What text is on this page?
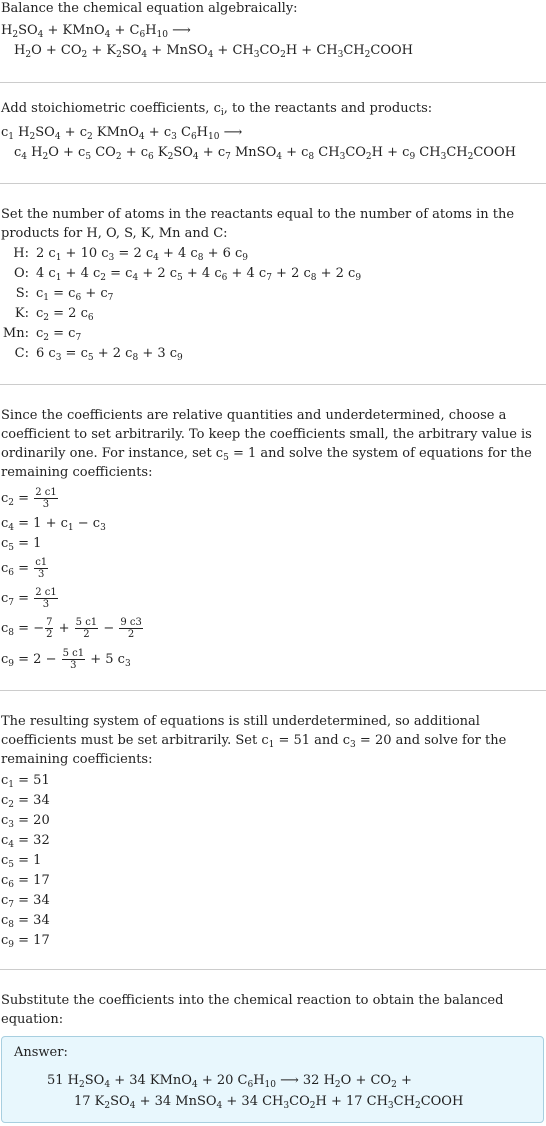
Balance the chemical equation algebraically:
$H_2SO_4$ + KMnO$_4$ + $C_6H_{10}$ ⟶
$H_2O + CO_2 + K_2SO_4$ + MnSO$_4$ + $CH_3CO_2H$ + $CH_3CH_2COOH$
Add stoichiometric coefficients, $c_i$, to the reactants and products:
$c_1$ $H_2SO_4 + c_2$ KMnO$_4$ + $c_3$ $C_6H_{10}$ ⟶
$c_4$ $H_2O + c_5$ $CO_2 + c_6$ $K_2SO_4 + c_7$ MnSO$_4$ + $c_8$ $CH_3CO_2H + c_9$ $CH_3CH_2COOH$
Set the number of atoms in the reactants equal to the number of atoms in the
products for H, O, S, K, Mn and C:
H: 2 $c_1 + 10$ $c_3 = 2$ $c_4 + 4$ $c_8 + 6$ $c_9$
O: 4 $c_1 + 4$ $c_2 = c_4 + 2$ $c_5 + 4$ $c_6 + 4$ $c_7 + 2$ $c_8 + 2$ $c_9$
S: $c_1 = c_6 + c_7$
K: $c_2 = 2$ $c_6$
Mn: $c_2 = c_7$
C: 6 $c_3 = c_5 + 2$ $c_8 + 3$ $c_9$
Since the coefficients are relative quantities and underdetermined, choose a
coefficient to set arbitrarily. To keep the coefficients small, the arbitrary value is
ordinarily one. For instance, set $c_5 = 1$ and solve the system of equations for the
remaining coefficients:
$c_2 = \frac{2 c1}{3}$
$c_4 = 1 + c_1 - c_3$
$c_5 = 1$
$c_6 = \frac{c1}{3}$
$c_7 = \frac{2 c1}{3}$
$c_8$ = − $\frac{7}{2} + \frac{5 c1}{2} - \frac{9 c3}{2}$
$c_9 = 2 - \frac{5 c1}{3} + 5$ $c_3$
The resulting system of equations is still underdetermined, so additional
coefficients must be set arbitrarily. Set $c_1 = 51$ and $c_3 = 20$ and solve for the
remaining coefficients:
$c_1 = 51$
$c_2 = 34$
$c_3 = 20$
$c_4 = 32$
$c_5 = 1$
$c_6 = 17$
$c_7 = 34$
$c_8 = 34$
$c_9 = 17$
Substitute the coefficients into the chemical reaction to obtain the balanced
equation:
Answer:
51 $H_2SO_4 + 34$ KMnO$_4$ + 20 $C_6H_{10}$ ⟶ 32 $H_2O + CO_2$ +
17 $K_2SO_4 + 34$ MnSO$_4$ + 34 $CH_3CO_2H + 17$ $CH_3CH_2COOH$
